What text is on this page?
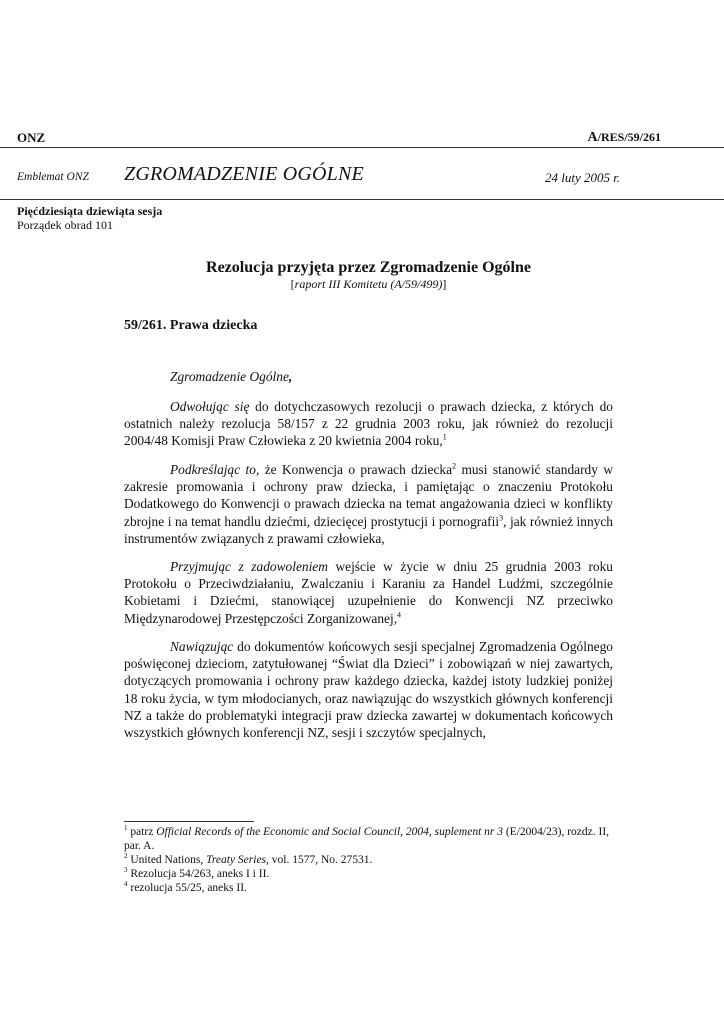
ONZ	A/RES/59/261
Emblemat ONZ ZGROMADZENIE OGÓLNE	24 luty 2005 r.
Pięćdziesiąta dziewiąta sesja
Porządek obrad 101
Rezolucja przyjęta przez Zgromadzenie Ogólne
[raport III Komitetu (A/59/499)]
59/261. Prawa dziecka

Zgromadzenie Ogólne,

Odwołując się do dotychczasowych rezolucji o prawach dziecka, z których do ostatnich należy rezolucja 58/157 z 22 grudnia 2003 roku, jak również do rezolucji 2004/48 Komisji Praw Człowieka z 20 kwietnia 2004 roku,$^1$

Podkreślając to, że Konwencja o prawach dziecka$^2$ musi stanowić standardy w zakresie promowania i ochrony praw dziecka, i pamiętając o znaczeniu Protokołu Dodatkowego do Konwencji o prawach dziecka na temat angażowania dzieci w konflikty zbrojne i na temat handlu dziećmi, dziecięcej prostytucji i pornografii$^3$, jak również innych instrumentów związanych z prawami człowieka,

Przyjmując z zadowoleniem wejście w życie w dniu 25 grudnia 2003 roku Protokołu o Przeciwdziałaniu, Zwalczaniu i Karaniu za Handel Ludźmi, szczególnie Kobietami i Dziećmi, stanowiącej uzupełnienie do Konwencji NZ przeciwko Międzynarodowej Przestępczości Zorganizowanej,$^4$

Nawiązując do dokumentów końcowych sesji specjalnej Zgromadzenia Ogólnego poświęconej dzieciom, zatytułowanej “Świat dla Dzieci” i zobowiązań w niej zawartych, dotyczących promowania i ochrony praw każdego dziecka, każdej istoty ludzkiej poniżej 18 roku życia, w tym młodocianych, oraz nawiązując do wszystkich głównych konferencji NZ a także do problematyki integracji praw dziecka zawartej w dokumentach końcowych wszystkich głównych konferencji NZ, sesji i szczytów specjalnych,

$^1$ patrz Official Records of the Economic and Social Council, 2004, suplement nr 3 (E/2004/23), rozdz. II, par. A.

$^2$ United Nations, Treaty Series, vol. 1577, No. 27531.

$^3$ Rezolucja 54/263, aneks I i II.

$^4$ rezolucja 55/25, aneks II.
